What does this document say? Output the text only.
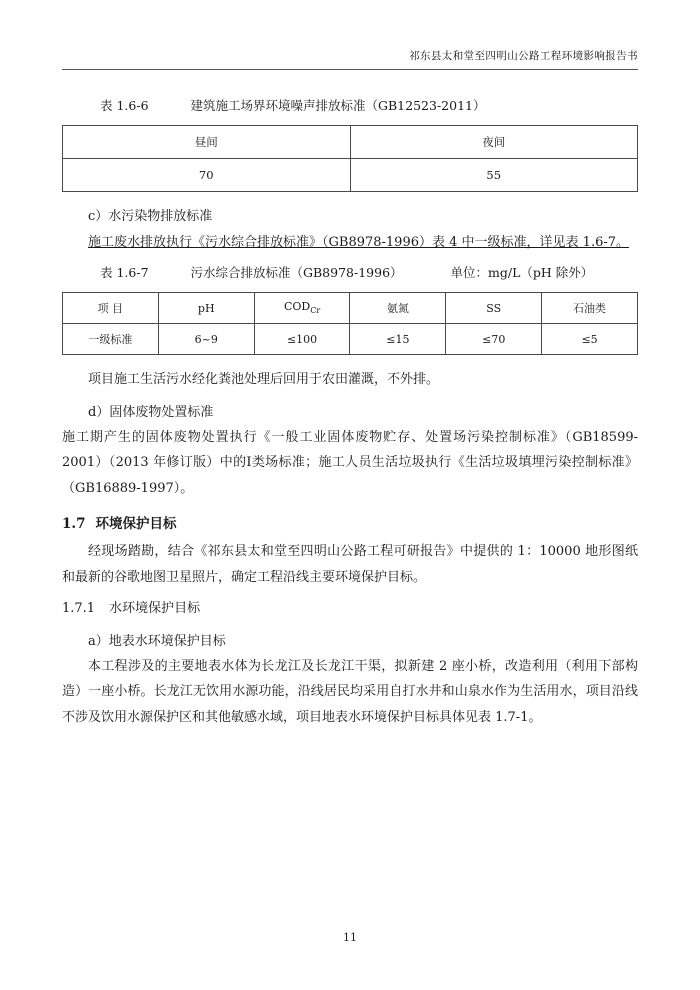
祁东县太和堂至四明山公路工程环境影响报告书
表 1.6-6	建筑施工场界环境噪声排放标准（GB12523-2011）
昼间	夜间
70	55

c）水污染物排放标准

施工废水排放执行《污水综合排放标准》（GB8978-1996）表 4 中一级标准，详见表 1.6-7。

表 1.6-7	污水综合排放标准（GB8978-1996）	单位：mg/L（pH 除外）
项 目	pH	$COD_{Cr}$	氨氮	SS	石油类
一级标准	6~9	≤100	≤15	≤70	≤5

项目施工生活污水经化粪池处理后回用于农田灌溉，不外排。

d）固体废物处置标准

施工期产生的固体废物处置执行《一般工业固体废物贮存、处置场污染控制标准》（GB18599-2001）（2013 年修订版）中的Ⅰ类场标准；施工人员生活垃圾执行《生活垃圾填埋污染控制标准》（GB16889-1997）。

1.7 环境保护目标

经现场踏勘，结合《祁东县太和堂至四明山公路工程可研报告》中提供的 1：10000 地形图纸和最新的谷歌地图卫星照片，确定工程沿线主要环境保护目标。

1.7.1 水环境保护目标

a）地表水环境保护目标

本工程涉及的主要地表水体为长龙江及长龙江干渠，拟新建 2 座小桥，改造利用（利用下部构造）一座小桥。长龙江无饮用水源功能，沿线居民均采用自打水井和山泉水作为生活用水，项目沿线不涉及饮用水源保护区和其他敏感水域，项目地表水环境保护目标具体见表 1.7-1。

11
